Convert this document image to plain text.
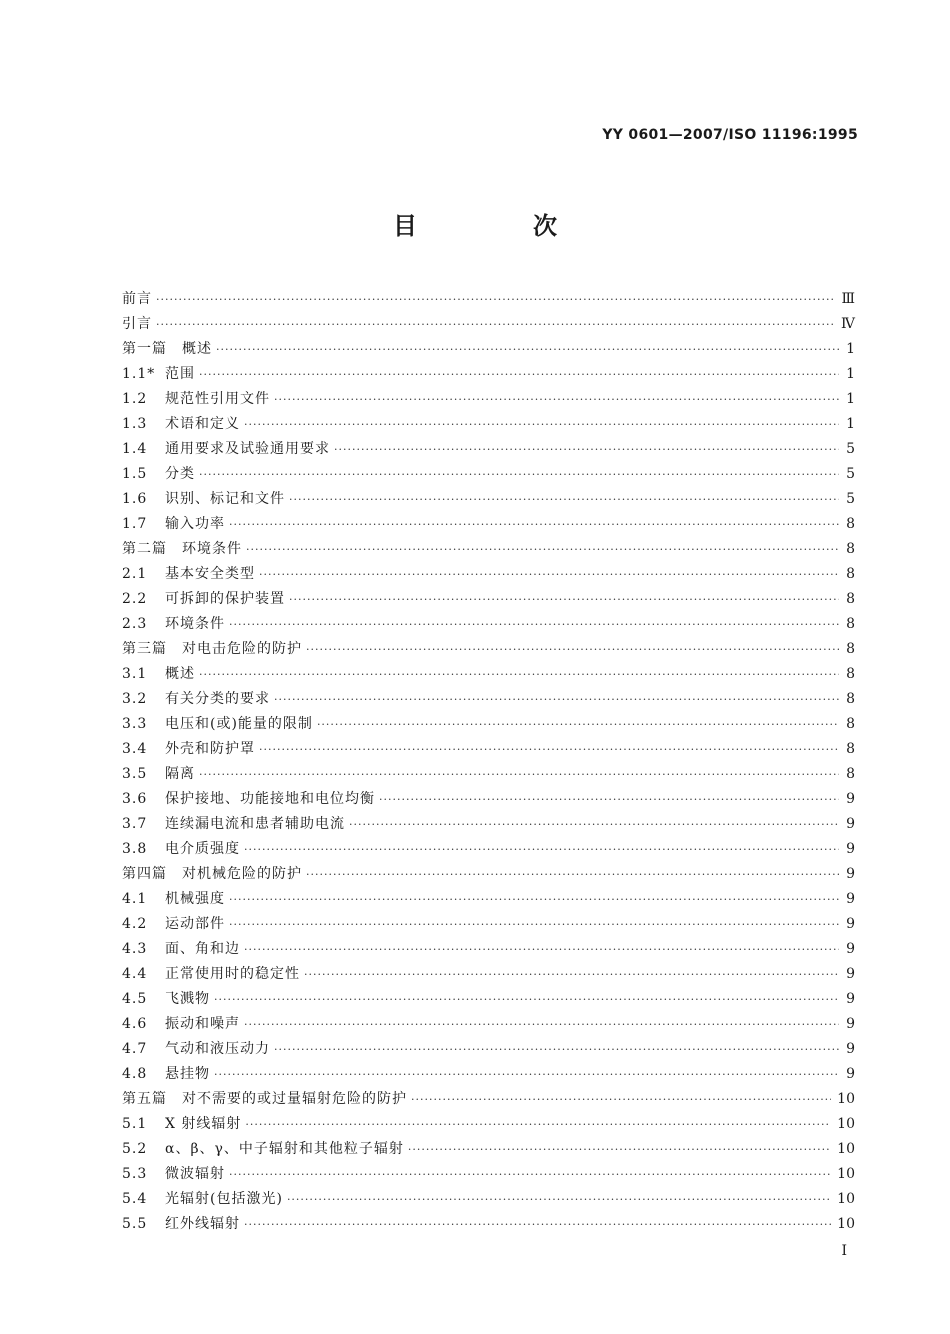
YY 0601—2007/ISO 11196:1995
目　次
前言 ·····	Ⅲ
引言 ·····	Ⅳ
第一篇　概述 ·····	1
1.1* 范围 ·····	1
1.2	规范性引用文件 ·····	1
1.3	术语和定义 ·····	1
1.4	通用要求及试验通用要求 ·····	5
1.5	分类 ·····	5
1.6	识别、标记和文件 ·····	5
1.7	输入功率 ·····	8
第二篇　环境条件 ·····	8
2.1	基本安全类型 ·····	8
2.2	可拆卸的保护装置 ·····	8
2.3	环境条件 ·····	8
第三篇　对电击危险的防护 ·····	8
3.1	概述 ·····	8
3.2	有关分类的要求 ·····	8
3.3	电压和(或)能量的限制 ·····	8
3.4	外壳和防护罩 ·····	8
3.5	隔离 ·····	8
3.6	保护接地、功能接地和电位均衡 ·····	9
3.7	连续漏电流和患者辅助电流 ·····	9
3.8	电介质强度 ·····	9
第四篇　对机械危险的防护 ·····	9
4.1	机械强度 ·····	9
4.2	运动部件 ·····	9
4.3	面、角和边 ·····	9
4.4	正常使用时的稳定性 ·····	9
4.5	飞溅物 ·····	9
4.6	振动和噪声 ·····	9
4.7	气动和液压动力 ·····	9
4.8	悬挂物 ·····	9
第五篇　对不需要的或过量辐射危险的防护 ·····	10
5.1	X 射线辐射 ·····	10
5.2	α、β、γ、中子辐射和其他粒子辐射 ·····	10
5.3	微波辐射 ·····	10
5.4	光辐射(包括激光) ·····	10
5.5	红外线辐射 ·····	10
I
